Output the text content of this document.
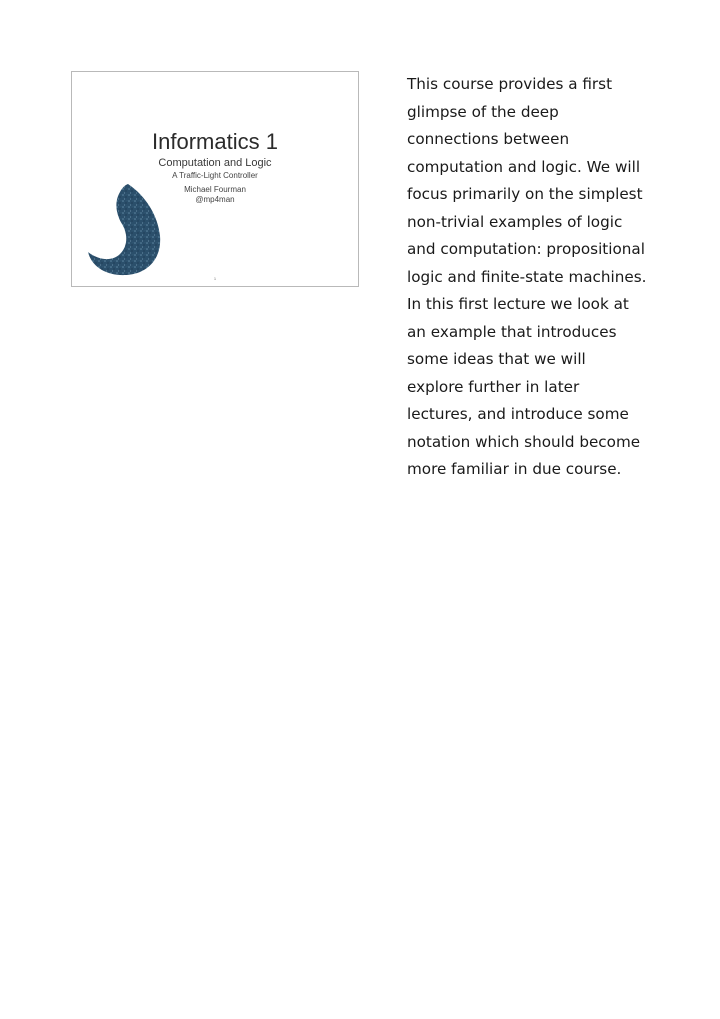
Informatics 1
Computation and Logic
A Traffic-Light Controller
Michael Fourman
@mp4man
1

This course provides a first glimpse of the deep connections between computation and logic. We will focus primarily on the simplest non-trivial examples of logic and computation: propositional logic and finite-state machines.

In this first lecture we look at an example that introduces some ideas that we will explore further in later lectures, and introduce some notation which should become more familiar in due course.
